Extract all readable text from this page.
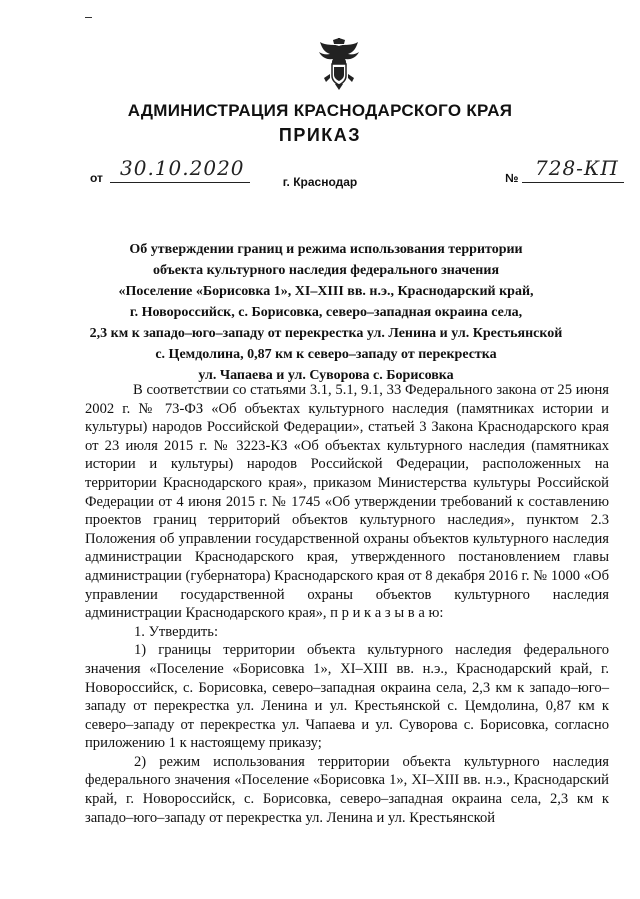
АДМИНИСТРАЦИЯ КРАСНОДАРСКОГО КРАЯ
ПРИКАЗ
от 30.10.2020	№ 728-КП
г. Краснодар
Об утверждении границ и режима использования территории
объекта культурного наследия федерального значения
«Поселение «Борисовка 1», XI–XIII вв. н.э., Краснодарский край,
г. Новороссийск, с. Борисовка, северо–западная окраина села,
2,3 км к западо–юго–западу от перекрестка ул. Ленина и ул. Крестьянской
с. Цемдолина, 0,87 км к северо–западу от перекрестка
ул. Чапаева и ул. Суворова с. Борисовка

В соответствии со статьями 3.1, 5.1, 9.1, 33 Федерального закона от 25 июня 2002 г. № 73-ФЗ «Об объектах культурного наследия (памятниках истории и культуры) народов Российской Федерации», статьей 3 Закона Краснодарского края от 23 июля 2015 г. № 3223-КЗ «Об объектах культурного наследия (памятниках истории и культуры) народов Российской Федерации, расположенных на территории Краснодарского края», приказом Министерства культуры Российской Федерации от 4 июня 2015 г. № 1745 «Об утверждении требований к составлению проектов границ территорий объектов культурного наследия», пунктом 2.3 Положения об управлении государственной охраны объектов культурного наследия администрации Краснодарского края, утвержденного постановлением главы администрации (губернатора) Краснодарского края от 8 декабря 2016 г. № 1000 «Об управлении государственной охраны объектов культурного наследия администрации Краснодарского края», п р и к а з ы в а ю:

1. Утвердить:

1) границы территории объекта культурного наследия федерального значения «Поселение «Борисовка 1», XI–XIII вв. н.э., Краснодарский край, г. Новороссийск, с. Борисовка, северо–западная окраина села, 2,3 км к западо–юго–западу от перекрестка ул. Ленина и ул. Крестьянской с. Цемдолина, 0,87 км к северо–западу от перекрестка ул. Чапаева и ул. Суворова с. Борисовка, согласно приложению 1 к настоящему приказу;

2) режим использования территории объекта культурного наследия федерального значения «Поселение «Борисовка 1», XI–XIII вв. н.э., Краснодарский край, г. Новороссийск, с. Борисовка, северо–западная окраина села, 2,3 км к западо–юго–западу от перекрестка ул. Ленина и ул. Крестьянской
